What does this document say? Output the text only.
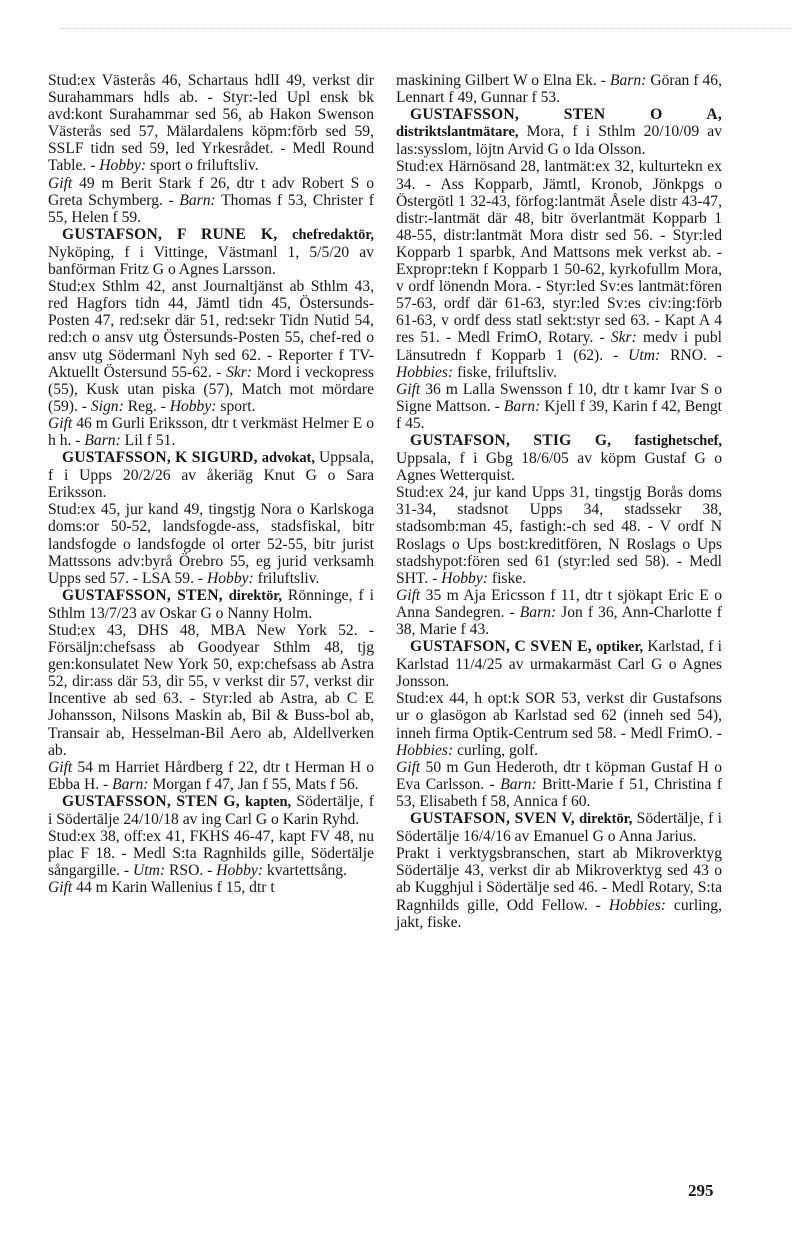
Stud:ex Västerås 46, Schartaus hdlI 49, verkst dir Surahammars hdls ab. - Styr:-led Upl ensk bk avd:kont Surahammar sed 56, ab Hakon Swenson Västerås sed 57, Mälardalens köpm:förb sed 59, SSLF tidn sed 59, led Yrkesrådet. - Medl Round Table. - Hobby: sport o friluftsliv.

Gift 49 m Berit Stark f 26, dtr t adv Robert S o Greta Schymberg. - Barn: Thomas f 53, Christer f 55, Helen f 59.

GUSTAFSON, F RUNE K, chefredaktör, Nyköping, f i Vittinge, Västmanl 1, 5/5/20 av banförman Fritz G o Agnes Larsson.

Stud:ex Sthlm 42, anst Journaltjänst ab Sthlm 43, red Hagfors tidn 44, Jämtl tidn 45, Östersunds-Posten 47, red:sekr där 51, red:sekr Tidn Nutid 54, red:ch o ansv utg Östersunds-Posten 55, chef-red o ansv utg Södermanl Nyh sed 62. - Reporter f TV-Aktuellt Östersund 55-62. - Skr: Mord i veckopress (55), Kusk utan piska (57), Match mot mördare (59). - Sign: Reg. - Hobby: sport.

Gift 46 m Gurli Eriksson, dtr t verkmäst Helmer E o h h. - Barn: Lil f 51.

GUSTAFSSON, K SIGURD, advokat, Uppsala, f i Upps 20/2/26 av åkeriäg Knut G o Sara Eriksson.

Stud:ex 45, jur kand 49, tingstjg Nora o Karlskoga doms:or 50-52, landsfogde-ass, stadsfiskal, bitr landsfogde o landsfogde ol orter 52-55, bitr jurist Mattssons adv:byrå Örebro 55, eg jurid verksamh Upps sed 57. - LSA 59. - Hobby: friluftsliv.

GUSTAFSSON, STEN, direktör, Rönninge, f i Sthlm 13/7/23 av Oskar G o Nanny Holm.

Stud:ex 43, DHS 48, MBA New York 52. - Försäljn:chefsass ab Goodyear Sthlm 48, tjg gen:konsulatet New York 50, exp:chefsass ab Astra 52, dir:ass där 53, dir 55, v verkst dir 57, verkst dir Incentive ab sed 63. - Styr:led ab Astra, ab C E Johansson, Nilsons Maskin ab, Bil & Buss-bol ab, Transair ab, Hesselman-Bil Aero ab, Aldellverken ab.

Gift 54 m Harriet Hårdberg f 22, dtr t Herman H o Ebba H. - Barn: Morgan f 47, Jan f 55, Mats f 56.

GUSTAFSSON, STEN G, kapten, Södertälje, f i Södertälje 24/10/18 av ing Carl G o Karin Ryhd.

Stud:ex 38, off:ex 41, FKHS 46-47, kapt FV 48, nu plac F 18. - Medl S:ta Ragnhilds gille, Södertälje sångargille. - Utm: RSO. - Hobby: kvartettsång.

Gift 44 m Karin Wallenius f 15, dtr t

maskining Gilbert W o Elna Ek. - Barn: Göran f 46, Lennart f 49, Gunnar f 53.

GUSTAFSSON, STEN O A, distriktslantmätare, Mora, f i Sthlm 20/10/09 av las:sysslom, löjtn Arvid G o Ida Olsson.

Stud:ex Härnösand 28, lantmät:ex 32, kulturtekn ex 34. - Ass Kopparb, Jämtl, Kronob, Jönkpgs o Östergötl 1 32-43, förfog:lantmät Åsele distr 43-47, distr:-lantmät där 48, bitr överlantmät Kopparb 1 48-55, distr:lantmät Mora distr sed 56. - Styr:led Kopparb 1 sparbk, And Mattsons mek verkst ab. - Expropr:tekn f Kopparb 1 50-62, kyrkofullm Mora, v ordf lönendn Mora. - Styr:led Sv:es lantmät:fören 57-63, ordf där 61-63, styr:led Sv:es civ:ing:förb 61-63, v ordf dess statl sekt:styr sed 63. - Kapt A 4 res 51. - Medl FrimO, Rotary. - Skr: medv i publ Länsutredn f Kopparb 1 (62). - Utm: RNO. - Hobbies: fiske, friluftsliv.

Gift 36 m Lalla Swensson f 10, dtr t kamr Ivar S o Signe Mattson. - Barn: Kjell f 39, Karin f 42, Bengt f 45.

GUSTAFSON, STIG G, fastighetschef, Uppsala, f i Gbg 18/6/05 av köpm Gustaf G o Agnes Wetterquist.

Stud:ex 24, jur kand Upps 31, tingstjg Borås doms 31-34, stadsnot Upps 34, stadssekr 38, stadsomb:man 45, fastigh:-ch sed 48. - V ordf N Roslags o Ups bost:kreditfören, N Roslags o Ups stadshypot:fören sed 61 (styr:led sed 58). - Medl SHT. - Hobby: fiske.

Gift 35 m Aja Ericsson f 11, dtr t sjökapt Eric E o Anna Sandegren. - Barn: Jon f 36, Ann-Charlotte f 38, Marie f 43.

GUSTAFSON, C SVEN E, optiker, Karlstad, f i Karlstad 11/4/25 av urmakarmäst Carl G o Agnes Jonsson.

Stud:ex 44, h opt:k SOR 53, verkst dir Gustafsons ur o glasögon ab Karlstad sed 62 (inneh sed 54), inneh firma Optik-Centrum sed 58. - Medl FrimO. - Hobbies: curling, golf.

Gift 50 m Gun Hederoth, dtr t köpman Gustaf H o Eva Carlsson. - Barn: Britt-Marie f 51, Christina f 53, Elisabeth f 58, Annica f 60.

GUSTAFSON, SVEN V, direktör, Södertälje, f i Södertälje 16/4/16 av Emanuel G o Anna Jarius.

Prakt i verktygsbranschen, start ab Mikroverktyg Södertälje 43, verkst dir ab Mikroverktyg sed 43 o ab Kugghjul i Södertälje sed 46. - Medl Rotary, S:ta Ragnhilds gille, Odd Fellow. - Hobbies: curling, jakt, fiske.

295
